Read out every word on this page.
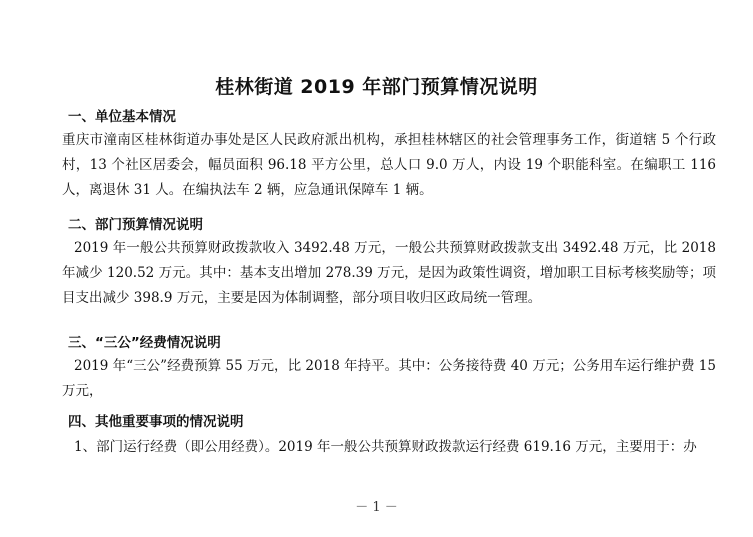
桂林街道 2019 年部门预算情况说明
一、单位基本情况
重庆市潼南区桂林街道办事处是区人民政府派出机构，承担桂林辖区的社会管理事务工作，街道辖 5 个行政村，13 个社区居委会，幅员面积 96.18 平方公里，总人口 9.0 万人，内设 19 个职能科室。在编职工 116 人，离退休 31 人。在编执法车 2 辆，应急通讯保障车 1 辆。
二、部门预算情况说明
2019 年一般公共预算财政拨款收入 3492.48 万元，一般公共预算财政拨款支出 3492.48 万元，比 2018 年减少 120.52 万元。其中：基本支出增加 278.39 万元，是因为政策性调资，增加职工目标考核奖励等；项目支出减少 398.9 万元，主要是因为体制调整，部分项目收归区政局统一管理。
三、“三公”经费情况说明
2019 年“三公”经费预算 55 万元，比 2018 年持平。其中：公务接待费 40 万元；公务用车运行维护费 15 万元，
四、其他重要事项的情况说明
1、部门运行经费（即公用经费）。2019 年一般公共预算财政拨款运行经费 619.16 万元，主要用于：办
－ 1 －
